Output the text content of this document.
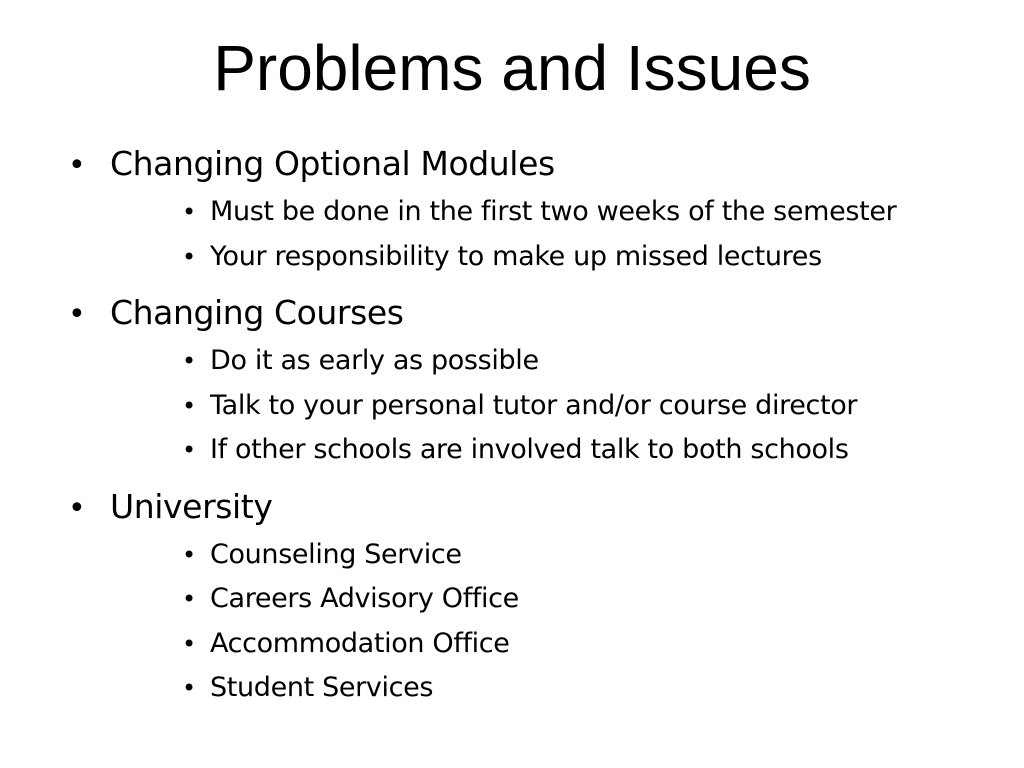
Problems and Issues
• Changing Optional Modules
• Must be done in the first two weeks of the semester
• Your responsibility to make up missed lectures
• Changing Courses
• Do it as early as possible
• Talk to your personal tutor and/or course director
• If other schools are involved talk to both schools
• University
• Counseling Service
• Careers Advisory Office
• Accommodation Office
• Student Services
